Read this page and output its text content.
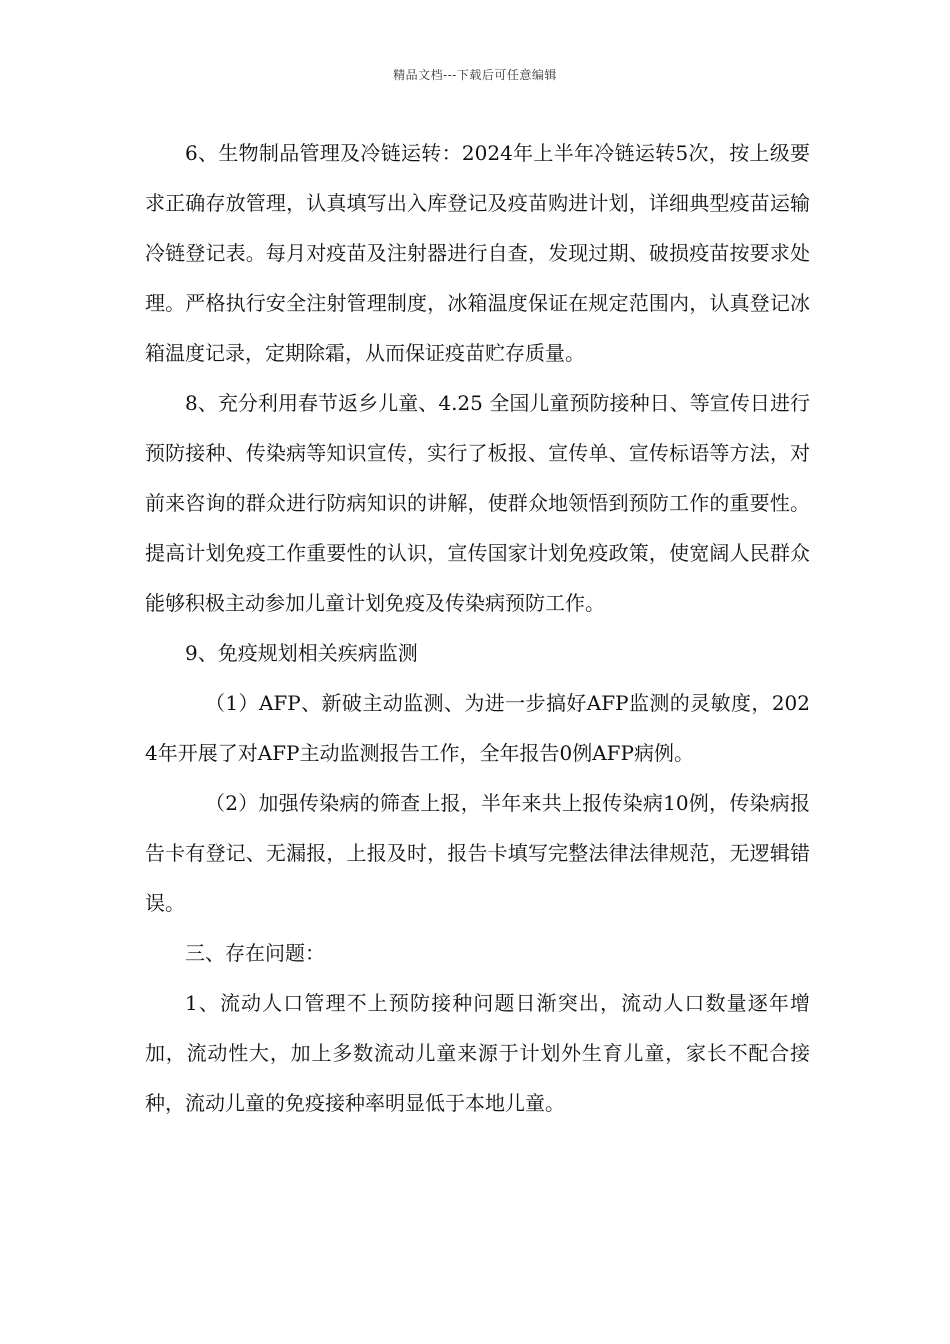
精品文档---下载后可任意编辑

6、生物制品管理及冷链运转：2024年上半年冷链运转5次，按上级要求正确存放管理，认真填写出入库登记及疫苗购进计划，详细典型疫苗运输冷链登记表。每月对疫苗及注射器进行自查，发现过期、破损疫苗按要求处理。严格执行安全注射管理制度，冰箱温度保证在规定范围内，认真登记冰箱温度记录，定期除霜，从而保证疫苗贮存质量。

8、充分利用春节返乡儿童、4.25 全国儿童预防接种日、等宣传日进行预防接种、传染病等知识宣传，实行了板报、宣传单、宣传标语等方法，对前来咨询的群众进行防病知识的讲解，使群众地领悟到预防工作的重要性。提高计划免疫工作重要性的认识，宣传国家计划免疫政策，使宽阔人民群众能够积极主动参加儿童计划免疫及传染病预防工作。

9、免疫规划相关疾病监测

（1）AFP、新破主动监测、为进一步搞好AFP监测的灵敏度，2024年开展了对AFP主动监测报告工作，全年报告0例AFP病例。

（2）加强传染病的筛查上报，半年来共上报传染病10例，传染病报告卡有登记、无漏报，上报及时，报告卡填写完整法律法律规范，无逻辑错误。

三、存在问题：

1、流动人口管理不上预防接种问题日渐突出，流动人口数量逐年增加，流动性大，加上多数流动儿童来源于计划外生育儿童，家长不配合接种，流动儿童的免疫接种率明显低于本地儿童。
